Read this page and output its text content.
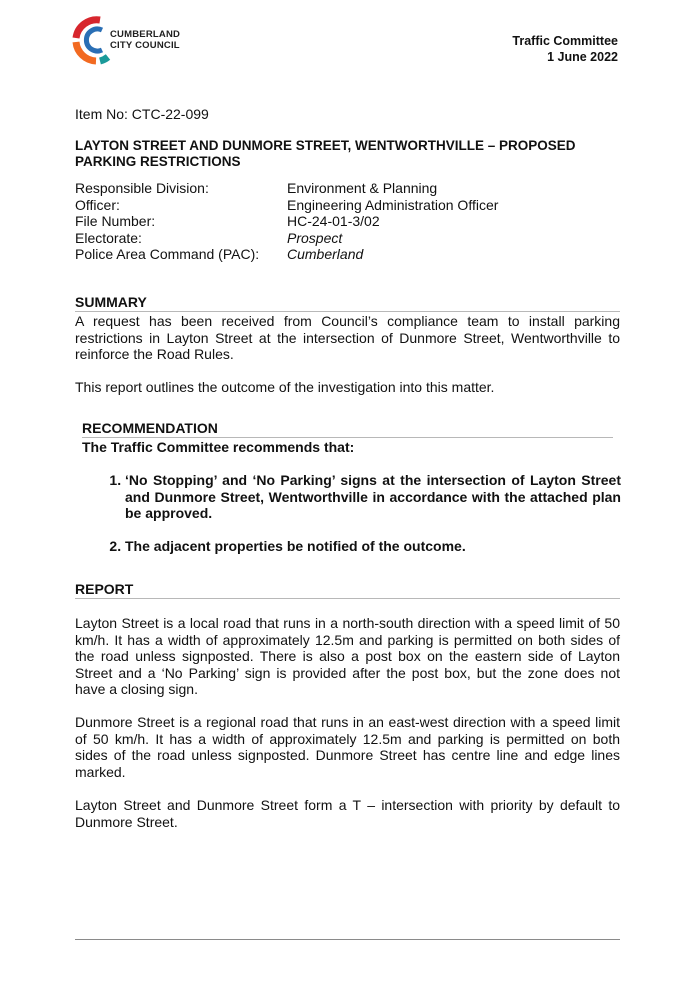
CUMBERLAND
CITY COUNCIL	Traffic Committee
1 June 2022
Item No: CTC-22-099
LAYTON STREET AND DUNMORE STREET, WENTWORTHVILLE – PROPOSED PARKING RESTRICTIONS
Responsible Division:	Environment & Planning
Officer:	Engineering Administration Officer
File Number:	HC-24-01-3/02
Electorate:	Prospect
Police Area Command (PAC):	Cumberland
SUMMARY
A request has been received from Council’s compliance team to install parking restrictions in Layton Street at the intersection of Dunmore Street, Wentworthville to reinforce the Road Rules.
This report outlines the outcome of the investigation into this matter.
RECOMMENDATION
The Traffic Committee recommends that:
1. ‘No Stopping’ and ‘No Parking’ signs at the intersection of Layton Street and Dunmore Street, Wentworthville in accordance with the attached plan be approved.
2. The adjacent properties be notified of the outcome.
REPORT
Layton Street is a local road that runs in a north-south direction with a speed limit of 50 km/h. It has a width of approximately 12.5m and parking is permitted on both sides of the road unless signposted. There is also a post box on the eastern side of Layton Street and a ‘No Parking’ sign is provided after the post box, but the zone does not have a closing sign.
Dunmore Street is a regional road that runs in an east-west direction with a speed limit of 50 km/h. It has a width of approximately 12.5m and parking is permitted on both sides of the road unless signposted. Dunmore Street has centre line and edge lines marked.
Layton Street and Dunmore Street form a T – intersection with priority by default to Dunmore Street.
